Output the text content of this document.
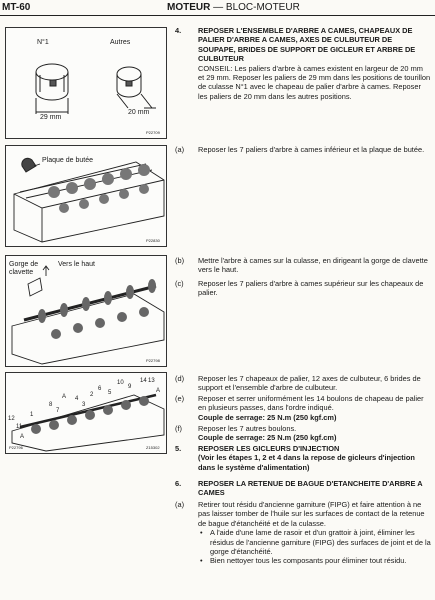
MT-60	MOTEUR — BLOC-MOTEUR
N°1	Autres
29 mm
20 mm
P22709
Plaque de butée
P22830
Gorge de
clavette
Vers le haut
P22798
14 13
12
11
10
9
8
7
6
5
4
3
2
1
A
A
A
P22796	Z15302
4. REPOSER L'ENSEMBLE D'ARBRE A CAMES, CHAPEAUX DE PALIER D'ARBRE A CAMES, AXES DE CULBUTEUR DE SOUPAPE, BRIDES DE SUPPORT DE GICLEUR ET ARBRE DE CULBUTEUR
CONSEIL: Les paliers d'arbre à cames existent en largeur de 20 mm et 29 mm. Reposer les paliers de 29 mm dans les positions de tourillon de culasse N°1 avec le chapeau de palier d'arbre à cames. Reposer les paliers de 20 mm dans les autres positions.
(a) Reposer les 7 paliers d'arbre à cames inférieur et la plaque de butée.
(b) Mettre l'arbre à cames sur la culasse, en dirigeant la gorge de clavette vers le haut.
(c) Reposer les 7 paliers d'arbre à cames supérieur sur les chapeaux de palier.
(d) Reposer les 7 chapeaux de palier, 12 axes de culbuteur, 6 brides de support et l'ensemble d'arbre de culbuteur.
(e) Reposer et serrer uniformément les 14 boulons de chapeau de palier en plusieurs passes, dans l'ordre indiqué.
Couple de serrage: 25 N.m (250 kgf.cm)
(f) Reposer les 7 autres boulons.
Couple de serrage: 25 N.m (250 kgf.cm)
5. REPOSER LES GICLEURS D'INJECTION
(Voir les étapes 1, 2 et 4 dans la repose de gicleurs d'injection dans le système d'alimentation)
6. REPOSER LA RETENUE DE BAGUE D'ETANCHEITE D'ARBRE A CAMES
(a) Retirer tout résidu d'ancienne garniture (FIPG) et faire attention à ne pas laisser tomber de l'huile sur les surfaces de contact de la retenue de bague d'étanchéité et de la culasse.
• A l'aide d'une lame de rasoir et d'un grattoir à joint, éliminer les résidus de l'ancienne garniture (FIPG) des surfaces de joint et de la gorge d'étanchéité.
• Bien nettoyer tous les composants pour éliminer tout résidu.
